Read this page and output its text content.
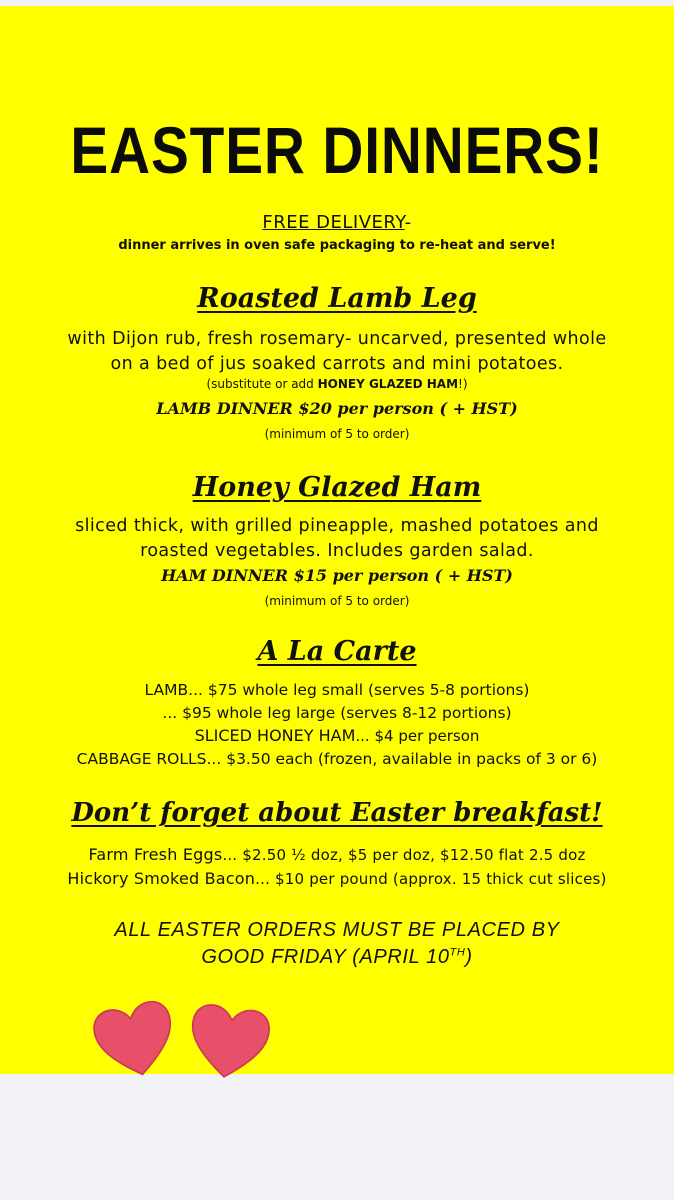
EASTER DINNERS!
FREE DELIVERY-
dinner arrives in oven safe packaging to re-heat and serve!
Roasted Lamb Leg
with Dijon rub, fresh rosemary- uncarved, presented whole
on a bed of jus soaked carrots and mini potatoes.
(substitute or add HONEY GLAZED HAM!)
LAMB DINNER $20 per person ( + HST)
(minimum of 5 to order)
Honey Glazed Ham
sliced thick, with grilled pineapple, mashed potatoes and
roasted vegetables. Includes garden salad.
HAM DINNER $15 per person ( + HST)
(minimum of 5 to order)
A La Carte
LAMB... $75 whole leg small (serves 5-8 portions)
... $95 whole leg large (serves 8-12 portions)
SLICED HONEY HAM... $4 per person
CABBAGE ROLLS... $3.50 each (frozen, available in packs of 3 or 6)
Don’t forget about Easter breakfast!
Farm Fresh Eggs... $2.50 ½ doz, $5 per doz, $12.50 flat 2.5 doz
Hickory Smoked Bacon... $10 per pound (approx. 15 thick cut slices)
ALL EASTER ORDERS MUST BE PLACED BY
GOOD FRIDAY (APRIL 10TH)
